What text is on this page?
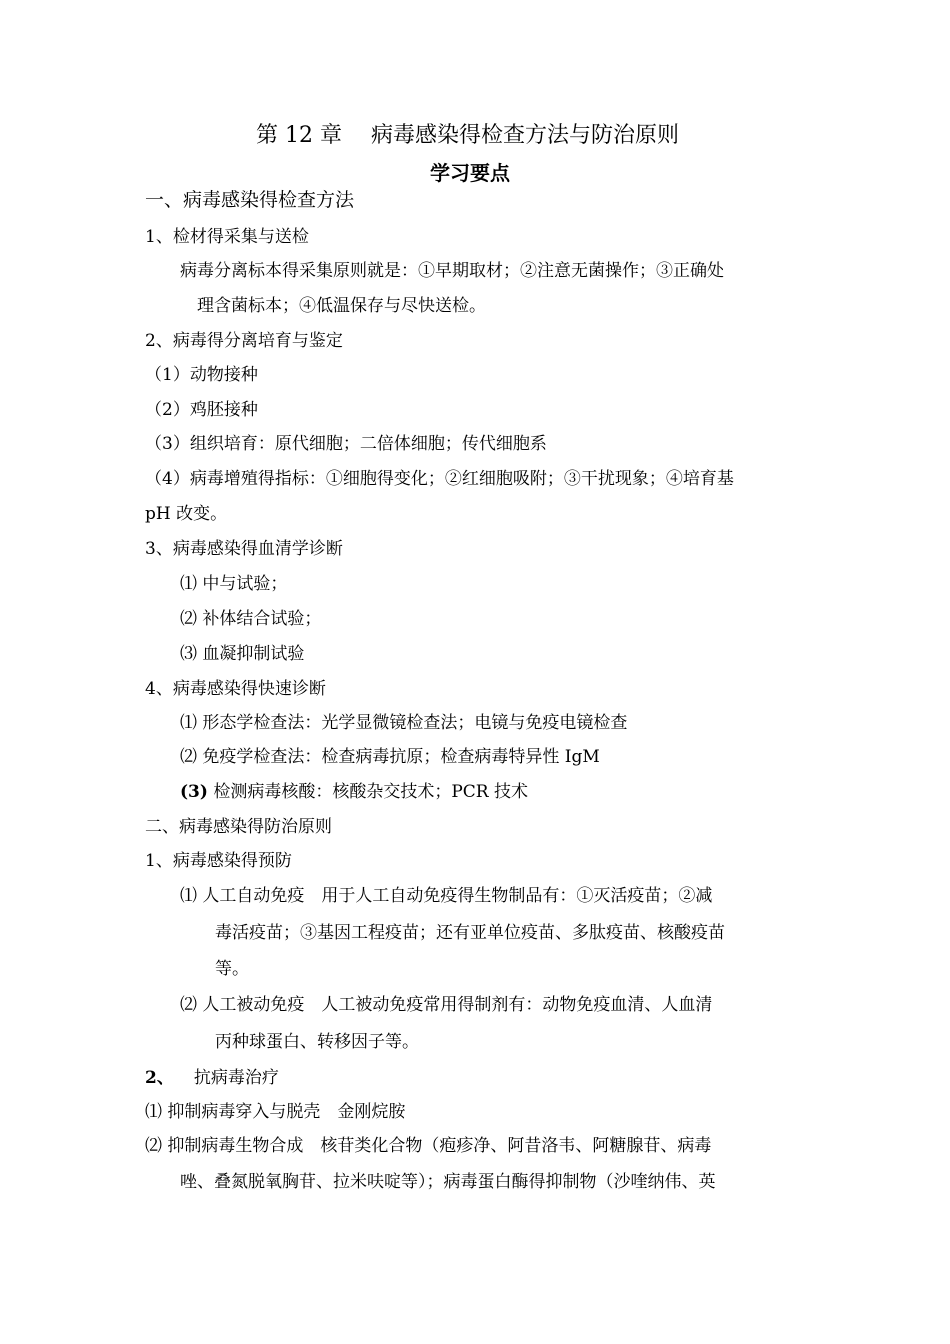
第 12 章　 病毒感染得检查方法与防治原则
学习要点
一、病毒感染得检查方法
1、检材得采集与送检
病毒分离标本得采集原则就是：①早期取材；②注意无菌操作；③正确处
理含菌标本；④低温保存与尽快送检。
2、病毒得分离培育与鉴定
（1）动物接种
（2）鸡胚接种
（3）组织培育：原代细胞；二倍体细胞；传代细胞系
（4）病毒增殖得指标：①细胞得变化；②红细胞吸附；③干扰现象；④培育基
pH 改变。
3、病毒感染得血清学诊断
⑴ 中与试验；
⑵ 补体结合试验；
⑶ 血凝抑制试验
4、病毒感染得快速诊断
⑴ 形态学检查法：光学显微镜检查法；电镜与免疫电镜检查
⑵ 免疫学检查法：检查病毒抗原；检查病毒特异性 IgM
(3) 检测病毒核酸：核酸杂交技术；PCR 技术
二、病毒感染得防治原则
1、病毒感染得预防
⑴ 人工自动免疫　用于人工自动免疫得生物制品有：①灭活疫苗；②减
毒活疫苗；③基因工程疫苗；还有亚单位疫苗、多肽疫苗、核酸疫苗
等。
⑵ 人工被动免疫　人工被动免疫常用得制剂有：动物免疫血清、人血清
丙种球蛋白、转移因子等。
2、 抗病毒治疗
⑴ 抑制病毒穿入与脱壳　金刚烷胺
⑵ 抑制病毒生物合成　核苷类化合物（疱疹净、阿昔洛韦、阿糖腺苷、病毒
唑、叠氮脱氧胸苷、拉米呋啶等）；病毒蛋白酶得抑制物（沙喹纳伟、英
